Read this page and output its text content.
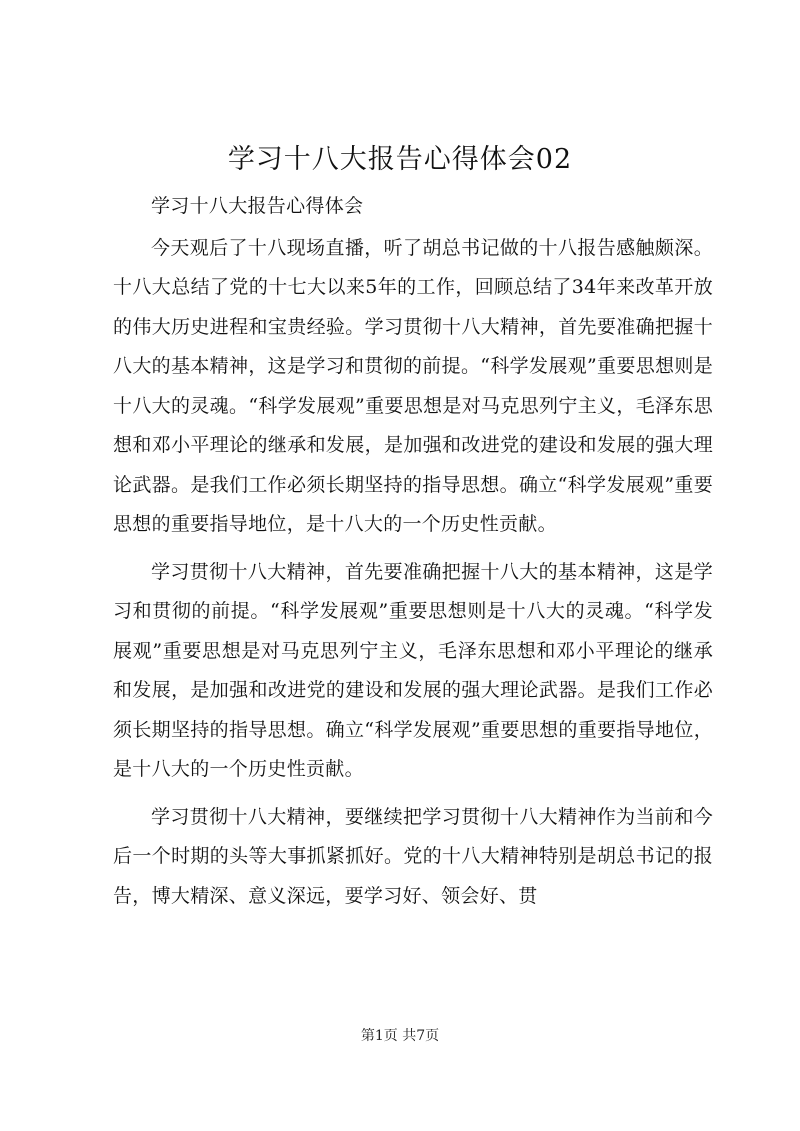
学习十八大报告心得体会02

学习十八大报告心得体会

今天观后了十八现场直播，听了胡总书记做的十八报告感触颇深。十八大总结了党的十七大以来5年的工作，回顾总结了34年来改革开放的伟大历史进程和宝贵经验。学习贯彻十八大精神，首先要准确把握十八大的基本精神，这是学习和贯彻的前提。“科学发展观”重要思想则是十八大的灵魂。“科学发展观”重要思想是对马克思列宁主义，毛泽东思想和邓小平理论的继承和发展，是加强和改进党的建设和发展的强大理论武器。是我们工作必须长期坚持的指导思想。确立“科学发展观”重要思想的重要指导地位，是十八大的一个历史性贡献。

学习贯彻十八大精神，首先要准确把握十八大的基本精神，这是学习和贯彻的前提。“科学发展观”重要思想则是十八大的灵魂。“科学发展观”重要思想是对马克思列宁主义，毛泽东思想和邓小平理论的继承和发展，是加强和改进党的建设和发展的强大理论武器。是我们工作必须长期坚持的指导思想。确立“科学发展观”重要思想的重要指导地位，是十八大的一个历史性贡献。

学习贯彻十八大精神，要继续把学习贯彻十八大精神作为当前和今后一个时期的头等大事抓紧抓好。党的十八大精神特别是胡总书记的报告，博大精深、意义深远，要学习好、领会好、贯

第1页 共7页
